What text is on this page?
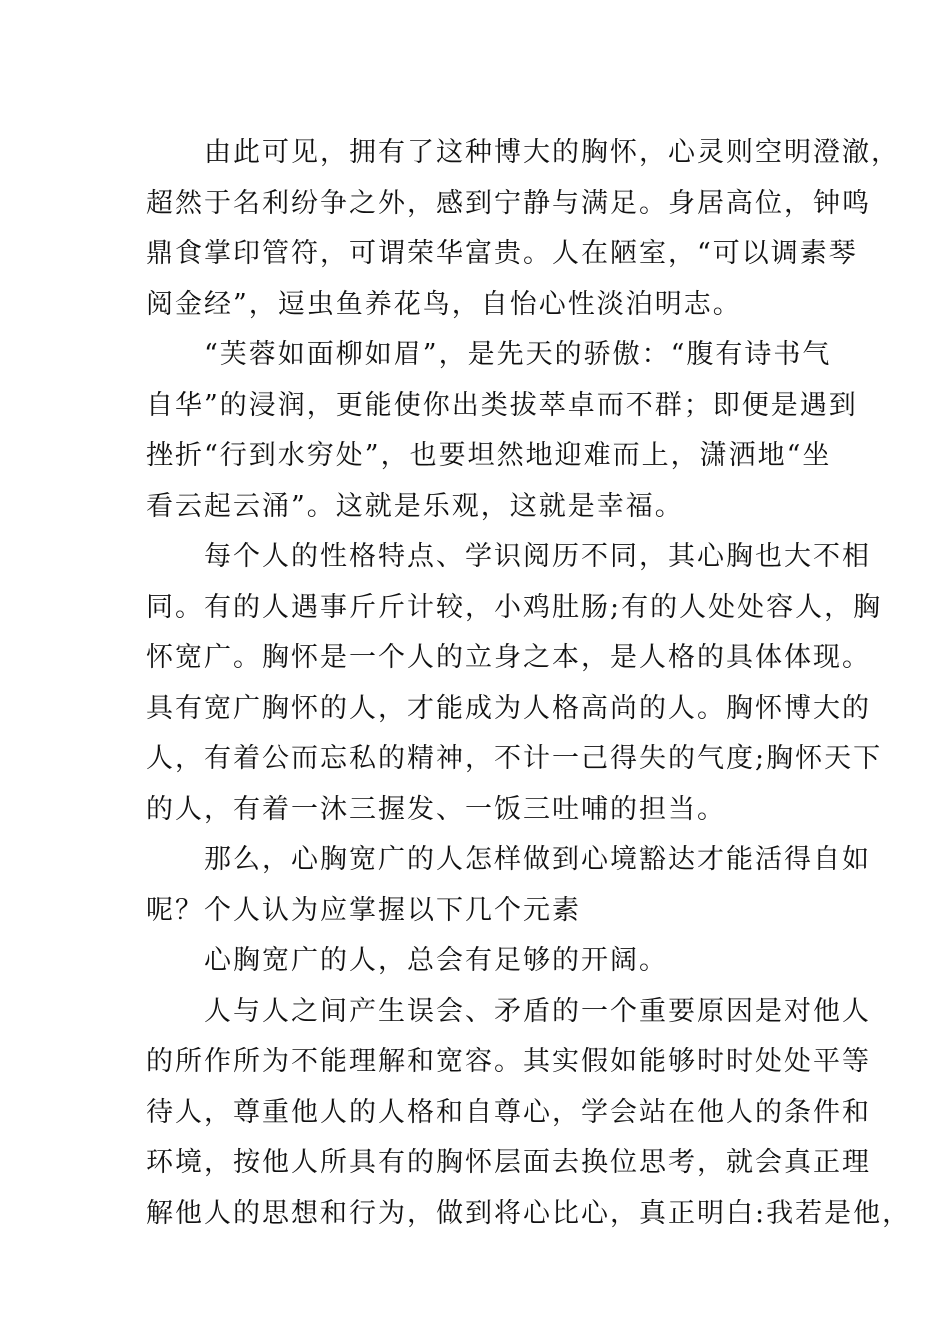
由此可见，拥有了这种博大的胸怀，心灵则空明澄澈，
超然于名利纷争之外，感到宁静与满足。身居高位，钟鸣
鼎食掌印管符，可谓荣华富贵。人在陋室，“可以调素琴
阅金经”，逗虫鱼养花鸟，自怡心性淡泊明志。

“芙蓉如面柳如眉”，是先天的骄傲：“腹有诗书气
自华”的浸润，更能使你出类拔萃卓而不群；即便是遇到
挫折“行到水穷处”，也要坦然地迎难而上，潇洒地“坐
看云起云涌”。这就是乐观，这就是幸福。

每个人的性格特点、学识阅历不同，其心胸也大不相
同。有的人遇事斤斤计较，小鸡肚肠;有的人处处容人，胸
怀宽广。胸怀是一个人的立身之本，是人格的具体体现。
具有宽广胸怀的人，才能成为人格高尚的人。胸怀博大的
人，有着公而忘私的精神，不计一己得失的气度;胸怀天下
的人，有着一沐三握发、一饭三吐哺的担当。

那么，心胸宽广的人怎样做到心境豁达才能活得自如
呢？个人认为应掌握以下几个元素

心胸宽广的人，总会有足够的开阔。

人与人之间产生误会、矛盾的一个重要原因是对他人
的所作所为不能理解和宽容。其实假如能够时时处处平等
待人，尊重他人的人格和自尊心，学会站在他人的条件和
环境，按他人所具有的胸怀层面去换位思考，就会真正理
解他人的思想和行为，做到将心比心，真正明白:我若是他，
